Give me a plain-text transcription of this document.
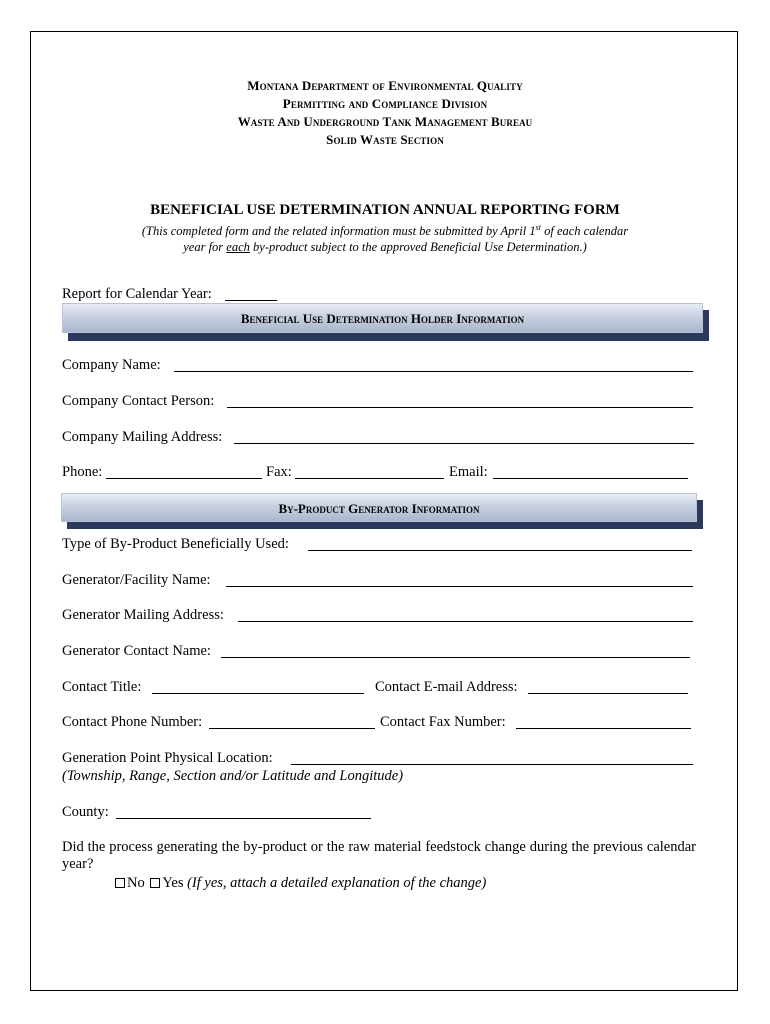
Montana Department of Environmental Quality
Permitting and Compliance Division
Waste And Underground Tank Management Bureau
Solid Waste Section
BENEFICIAL USE DETERMINATION ANNUAL REPORTING FORM
(This completed form and the related information must be submitted by April 1st of each calendar year for each by-product subject to the approved Beneficial Use Determination.)
Report for Calendar Year:
Beneficial Use Determination Holder Information
Company Name:
Company Contact Person:
Company Mailing Address:
Phone:	Fax:	Email:
By-Product Generator Information
Type of By-Product Beneficially Used:
Generator/Facility Name:
Generator Mailing Address:
Generator Contact Name:
Contact Title:	Contact E-mail Address:
Contact Phone Number:	Contact Fax Number:
Generation Point Physical Location:
(Township, Range, Section and/or Latitude and Longitude)
County:
Did the process generating the by-product or the raw material feedstock change during the previous calendar year?
No Yes (If yes, attach a detailed explanation of the change)
